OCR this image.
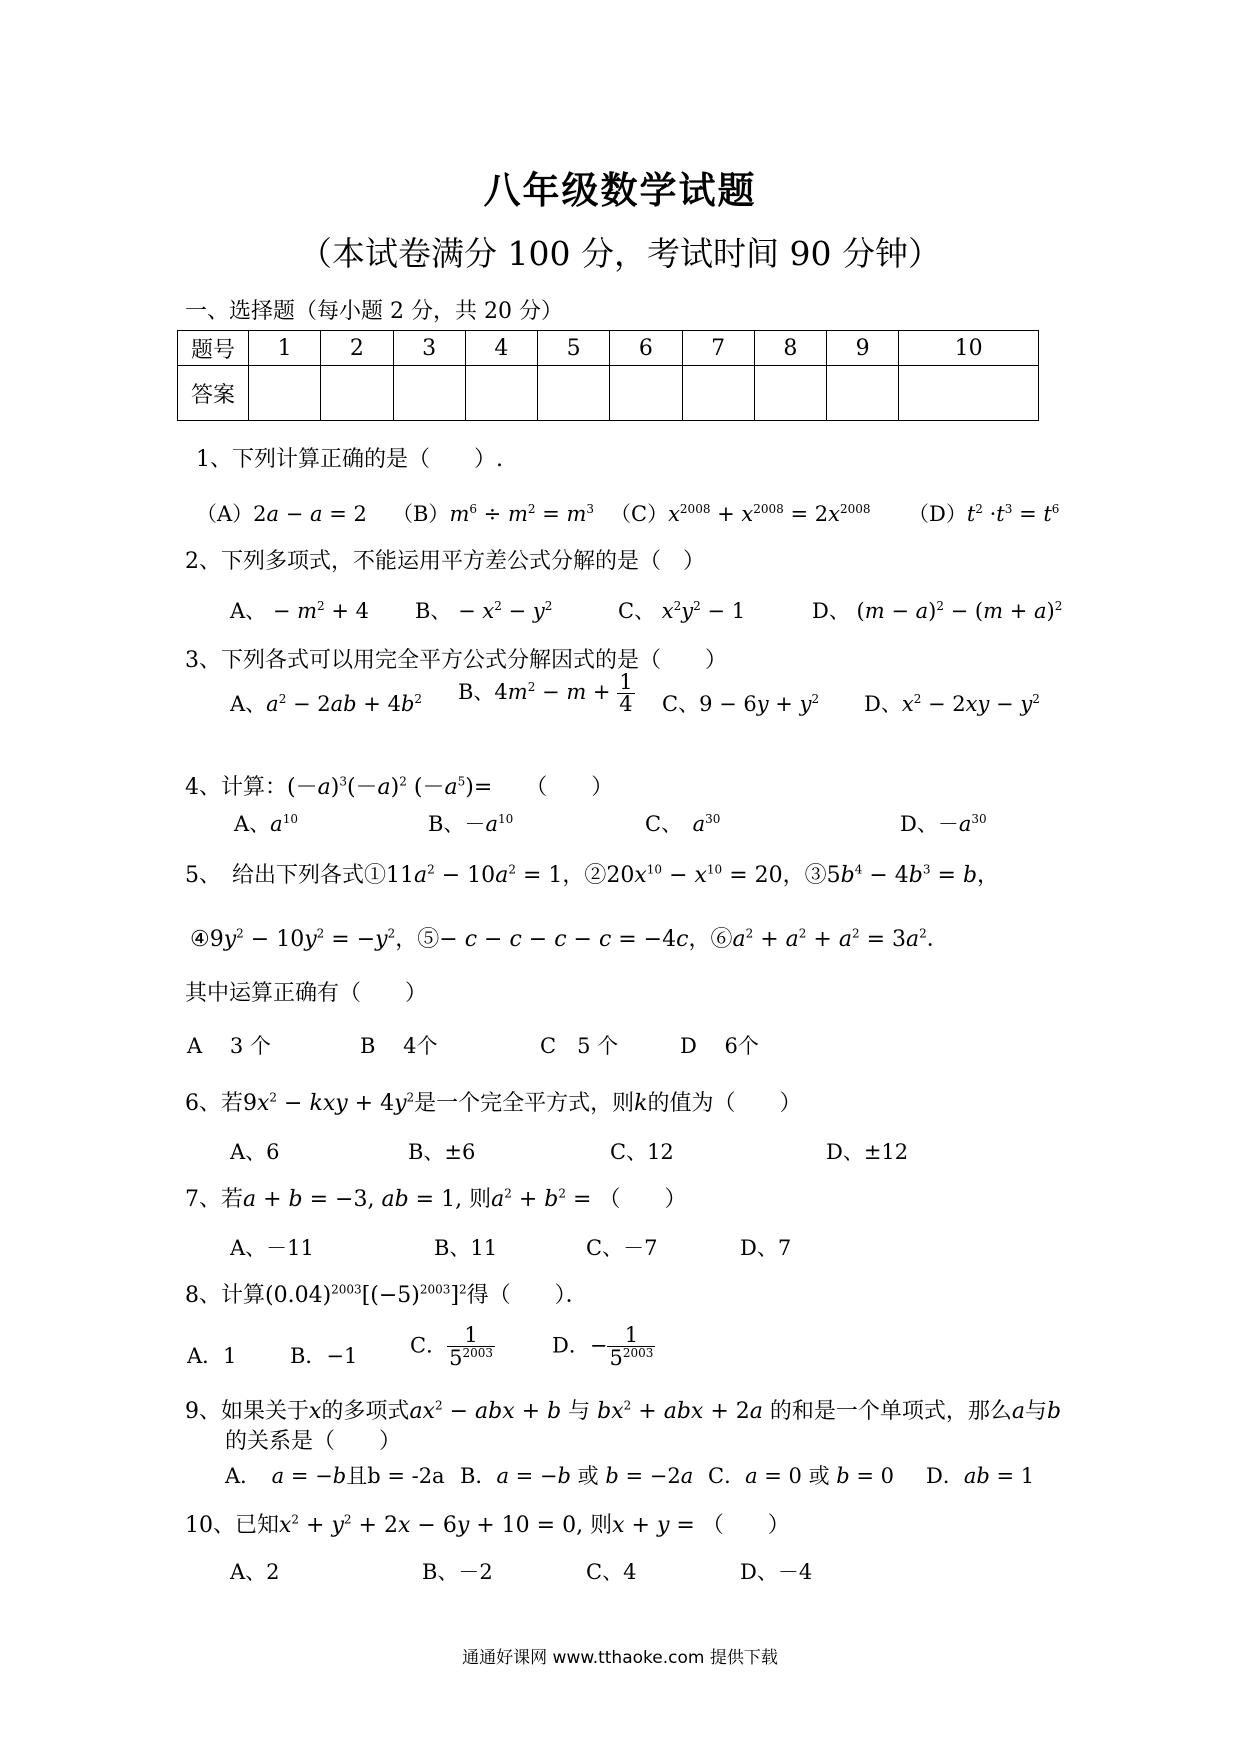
八年级数学试题
（本试卷满分 100 分，考试时间 90 分钟）
一、选择题（每小题 2 分，共 20 分）
题号	1	2	3	4	5	6	7	8	9	10
答案										
1、下列计算正确的是（　　）.
（A）2a − a = 2 $(B)m^6 \div m^2 = m^3$ $(C)x^{2008} + x^{2008} = 2x^{2008}$ $(D)t^2 \cdot t^3 = t^6$
2、下列多项式，不能运用平方差公式分解的是（　）
A、 − $m^2 + 4$ B、 − $x^2 - y^2$	C、 $x^2y^2 - 1$	D、 $(m - a)^2 - (m + a)^2$
3、下列各式可以用完全平方公式分解因式的是（　　）
A、$a^2 - 2ab + 4b^2$ B、$4m^2 - m + \frac{1}{4}$ C、$9 - 6y + y^2$ D、$x^2 - 2xy - y^2$
4、计算：$(-a)^3(-a)^2$ $(-a^5)=$　　（　　）
A、$a^{10}$	B、$-a^{10}$	C、　$a^{30}$	D、$-a^{30}$
5、　给出下列各式$①11a^2 - 10a^2 = 1$，$②20x^{10} - x^{10} = 20$，$③5b^4 - 4b^3 = b$，
$④9y^2 - 10y^2 = -y^2$，⑤− c − c − c − c = −4c，$⑥a^2 + a^2 + a^2 = 3a^2$．
其中运算正确有（　　）
A　 3 个	B　 4个	C　5 个	D　 6个
6、若$9x^2$ − kxy + $4y^2$是一个完全平方式，则k的值为（　　）
A、6	B、±6	C、12	D、±12
7、若a + b = −3, ab = 1, 则$a^2 + b^2$ = （　　）
A、－11	B、11	C、－7	D、7
8、计算$(0.04)^{2003}[(-5)^{2003}]^2$得（　　）．
A．1	B．−1	C． $\frac{1}{5^{2003}}$	D．− $\frac{1}{5^{2003}}$
9、如果关于x的多项式$ax^2$ − abx + b 与 $bx^2$ + abx + 2a 的和是一个单项式，那么a与b
的关系是（　　）
A．　a = −b且b = -2a B．a = −b 或 b = −2a C．a = 0 或 b = 0 D．ab = 1
10、已知$x^2 + y^2 + 2x - 6y + 10 = 0$, 则x + y = （　　）
A、2	B、－2	C、4	D、－4
通通好课网 www.tthaoke.com 提供下载
